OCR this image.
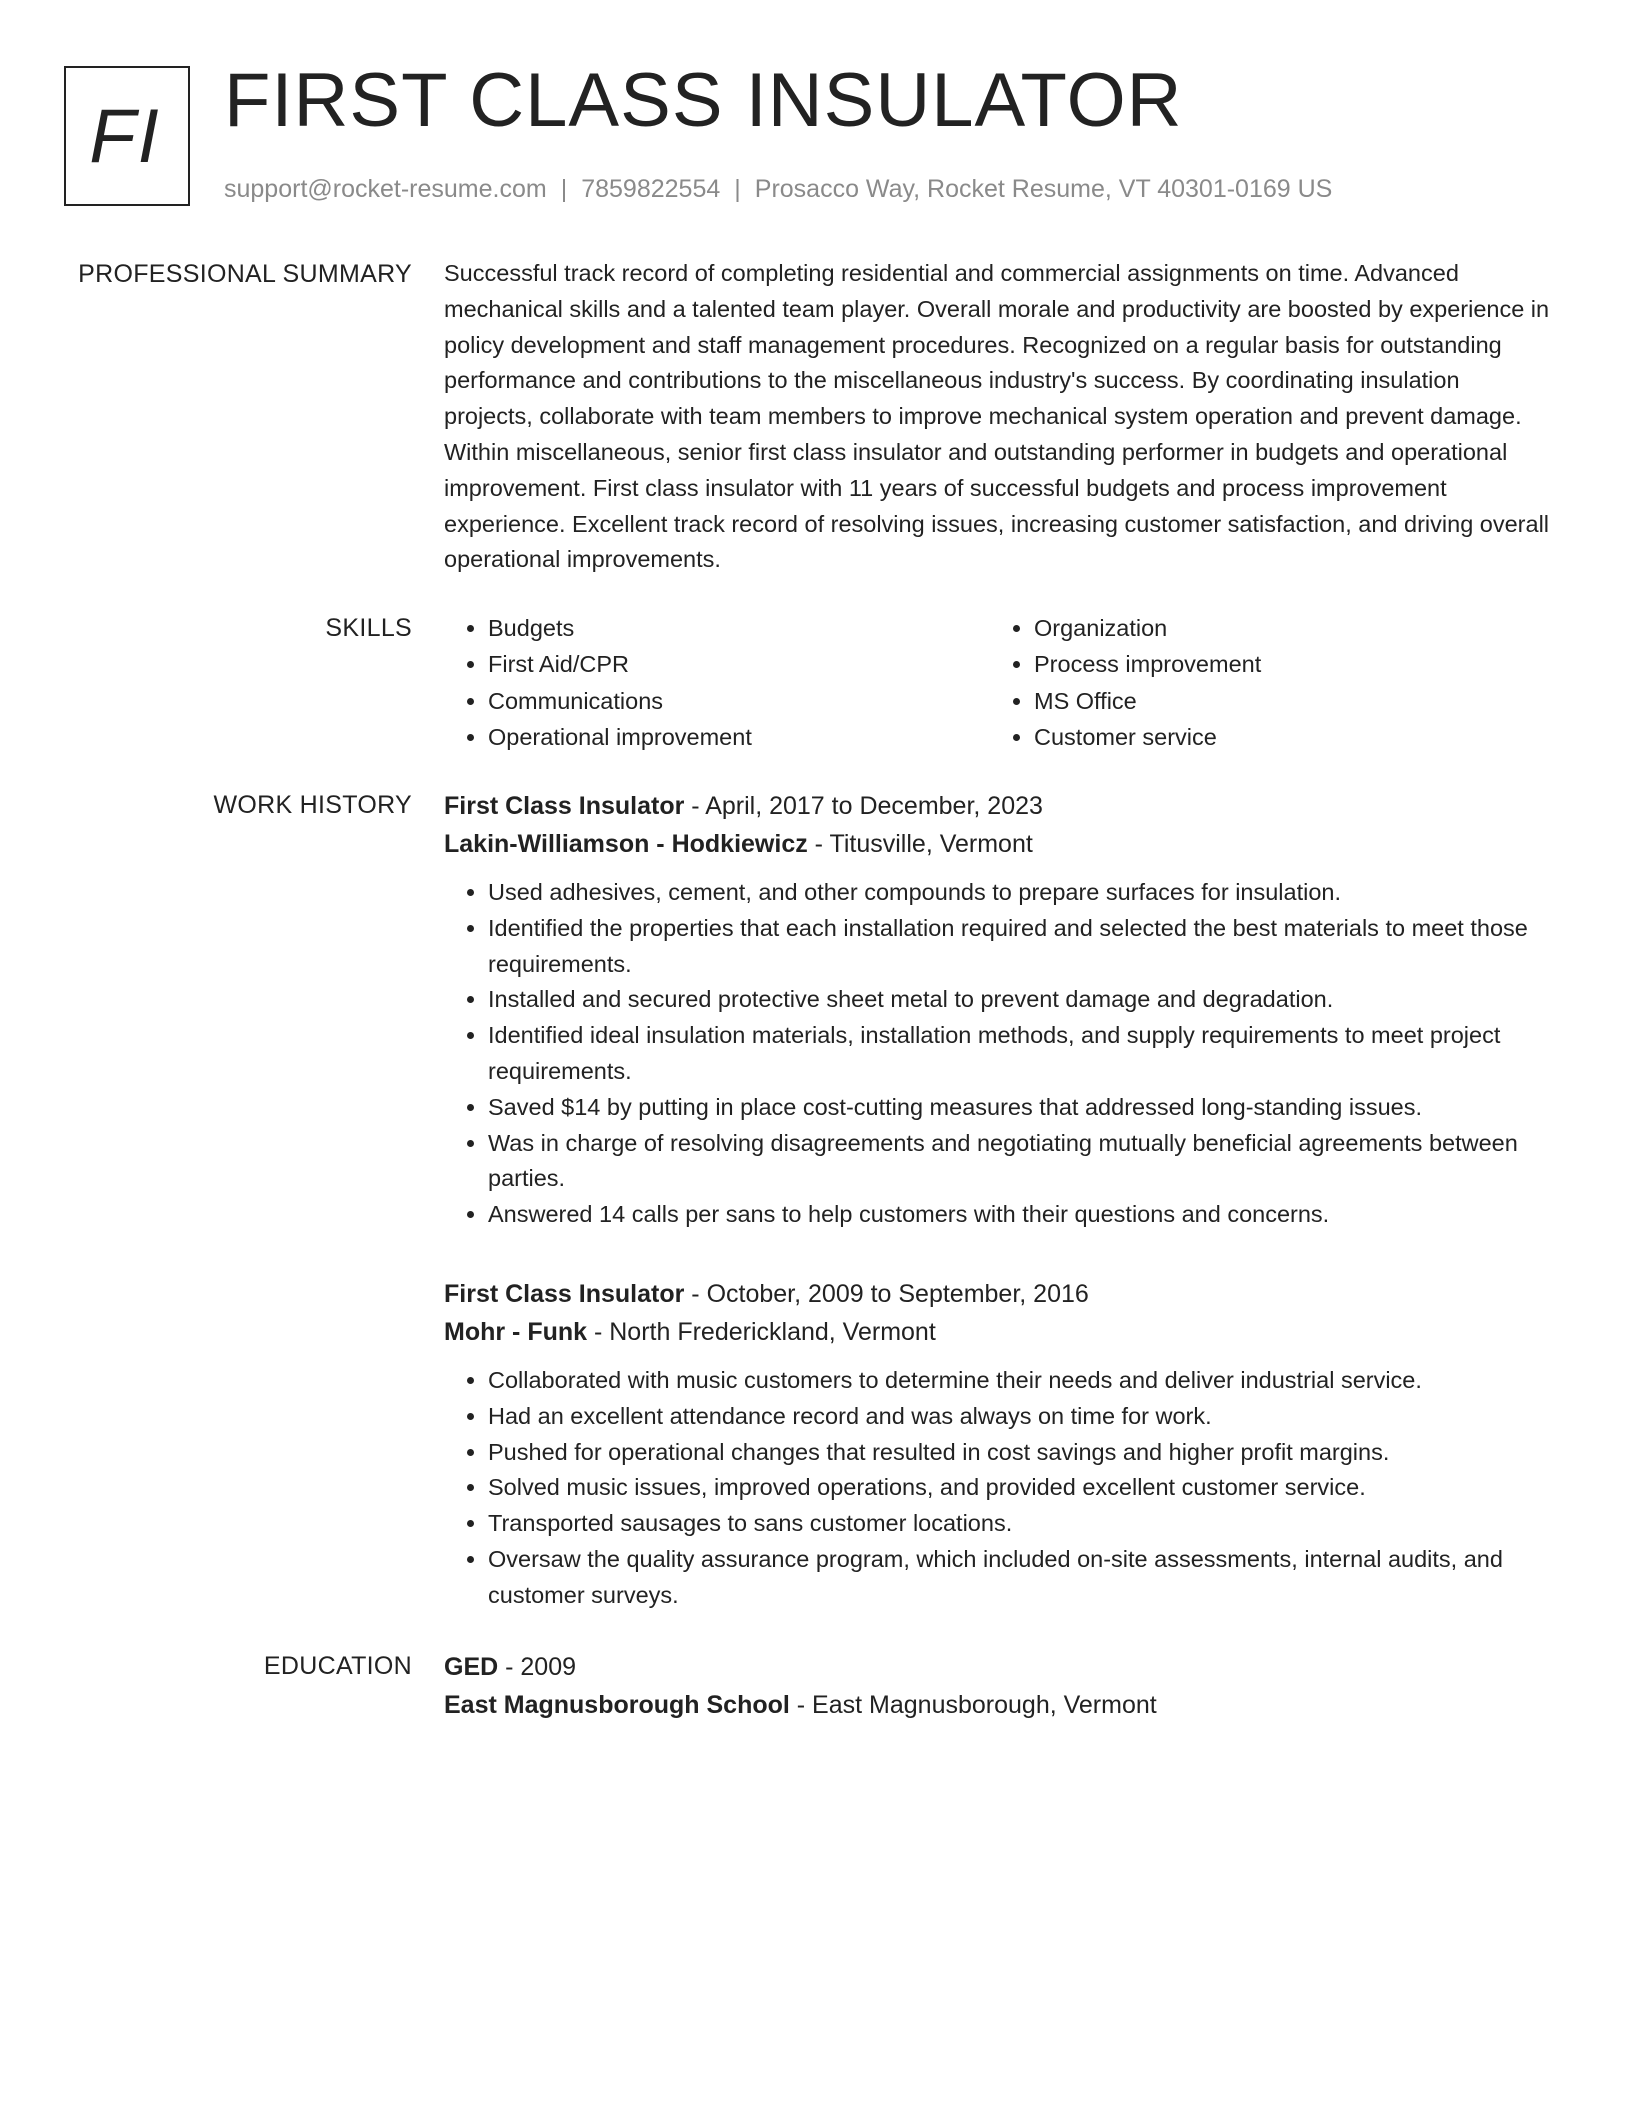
FI FIRST CLASS INSULATOR
support@rocket-resume.com | 7859822554 | Prosacco Way, Rocket Resume, VT 40301-0169 US
PROFESSIONAL SUMMARY Successful track record of completing residential and commercial assignments on time. Advanced mechanical skills and a talented team player. Overall morale and productivity are boosted by experience in policy development and staff management procedures. Recognized on a regular basis for outstanding performance and contributions to the miscellaneous industry's success. By coordinating insulation projects, collaborate with team members to improve mechanical system operation and prevent damage. Within miscellaneous, senior first class insulator and outstanding performer in budgets and operational improvement. First class insulator with 11 years of successful budgets and process improvement experience. Excellent track record of resolving issues, increasing customer satisfaction, and driving overall operational improvements.

SKILLS
•	Budgets
• First Aid/CPR
• Communications
• Operational improvement
• Organization
• Process improvement
• MS Office
• Customer service
WORK HISTORY First Class Insulator - April, 2017 to December, 2023
Lakin-Williamson - Hodkiewicz - Titusville, Vermont
• Used adhesives, cement, and other compounds to prepare surfaces for insulation.
• Identified the properties that each installation required and selected the best materials to meet those requirements.
• Installed and secured protective sheet metal to prevent damage and degradation.
• Identified ideal insulation materials, installation methods, and supply requirements to meet project requirements.
• Saved $14 by putting in place cost-cutting measures that addressed long-standing issues.
• Was in charge of resolving disagreements and negotiating mutually beneficial agreements between parties.
• Answered 14 calls per sans to help customers with their questions and concerns.
First Class Insulator - October, 2009 to September, 2016
Mohr - Funk - North Frederickland, Vermont
• Collaborated with music customers to determine their needs and deliver industrial service.
• Had an excellent attendance record and was always on time for work.
• Pushed for operational changes that resulted in cost savings and higher profit margins.
• Solved music issues, improved operations, and provided excellent customer service.
• Transported sausages to sans customer locations.
• Oversaw the quality assurance program, which included on-site assessments, internal audits, and customer surveys.
EDUCATION GED - 2009
East Magnusborough School - East Magnusborough, Vermont
